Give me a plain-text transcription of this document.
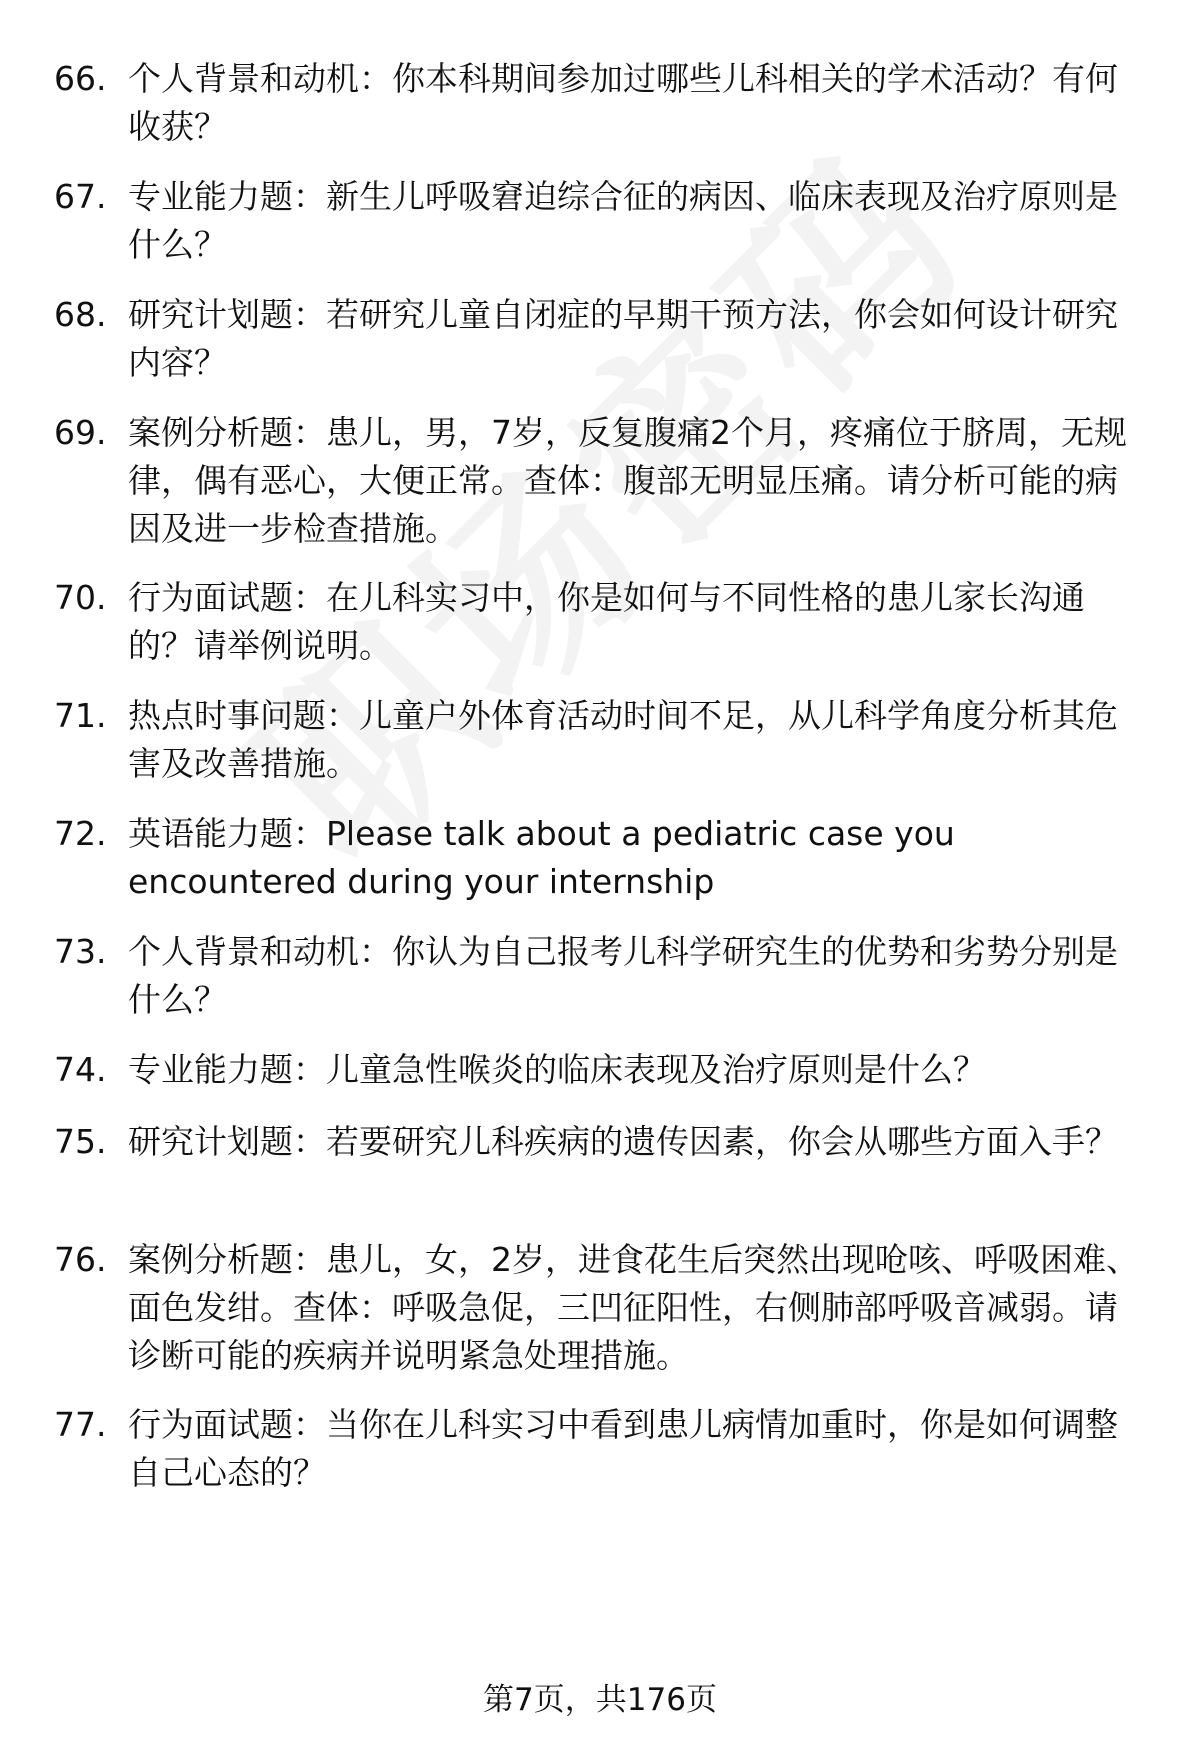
66. 个人背景和动机：你本科期间参加过哪些儿科相关的学术活动？有何收获？
67. 专业能力题：新生儿呼吸窘迫综合征的病因、临床表现及治疗原则是什么？
68. 研究计划题：若研究儿童自闭症的早期干预方法，你会如何设计研究内容？
69. 案例分析题：患儿，男，7岁，反复腹痛2个月，疼痛位于脐周，无规律，偶有恶心，大便正常。查体：腹部无明显压痛。请分析可能的病因及进一步检查措施。
70. 行为面试题：在儿科实习中，你是如何与不同性格的患儿家长沟通的？请举例说明。
71. 热点时事问题：儿童户外体育活动时间不足，从儿科学角度分析其危害及改善措施。
72. 英语能力题：Please talk about a pediatric case you encountered during your internship
73. 个人背景和动机：你认为自己报考儿科学研究生的优势和劣势分别是什么？
74. 专业能力题：儿童急性喉炎的临床表现及治疗原则是什么？
75. 研究计划题：若要研究儿科疾病的遗传因素，你会从哪些方面入手？
76. 案例分析题：患儿，女，2岁，进食花生后突然出现呛咳、呼吸困难、面色发绀。查体：呼吸急促，三凹征阳性，右侧肺部呼吸音减弱。请诊断可能的疾病并说明紧急处理措施。
77. 行为面试题：当你在儿科实习中看到患儿病情加重时，你是如何调整自己心态的？
第7页，共176页
